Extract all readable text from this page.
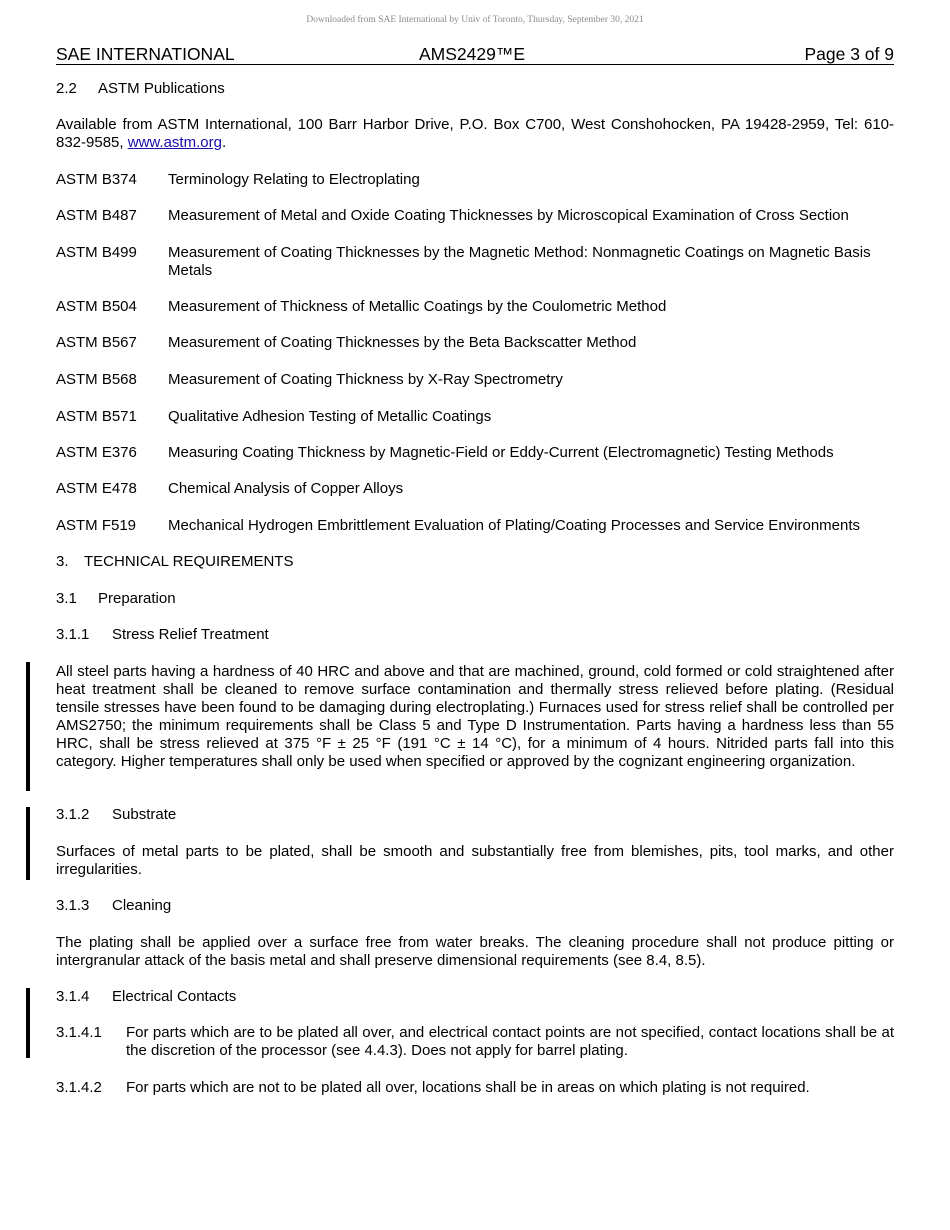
Downloaded from SAE International by Univ of Toronto, Thursday, September 30, 2021
SAE INTERNATIONAL	AMS2429™E	Page 3 of 9
2.2 ASTM Publications
Available from ASTM International, 100 Barr Harbor Drive, P.O. Box C700, West Conshohocken, PA 19428-2959, Tel: 610-832-9585, www.astm.org.
ASTM B374 Terminology Relating to Electroplating
ASTM B487 Measurement of Metal and Oxide Coating Thicknesses by Microscopical Examination of Cross Section
ASTM B499 Measurement of Coating Thicknesses by the Magnetic Method: Nonmagnetic Coatings on Magnetic Basis Metals
ASTM B504 Measurement of Thickness of Metallic Coatings by the Coulometric Method
ASTM B567 Measurement of Coating Thicknesses by the Beta Backscatter Method
ASTM B568 Measurement of Coating Thickness by X-Ray Spectrometry
ASTM B571 Qualitative Adhesion Testing of Metallic Coatings
ASTM E376 Measuring Coating Thickness by Magnetic-Field or Eddy-Current (Electromagnetic) Testing Methods
ASTM E478 Chemical Analysis of Copper Alloys
ASTM F519 Mechanical Hydrogen Embrittlement Evaluation of Plating/Coating Processes and Service Environments
3. TECHNICAL REQUIREMENTS
3.1 Preparation
3.1.1 Stress Relief Treatment
All steel parts having a hardness of 40 HRC and above and that are machined, ground, cold formed or cold straightened after heat treatment shall be cleaned to remove surface contamination and thermally stress relieved before plating. (Residual tensile stresses have been found to be damaging during electroplating.) Furnaces used for stress relief shall be controlled per AMS2750; the minimum requirements shall be Class 5 and Type D Instrumentation. Parts having a hardness less than 55 HRC, shall be stress relieved at 375 °F ± 25 °F (191 °C ± 14 °C), for a minimum of 4 hours. Nitrided parts fall into this category. Higher temperatures shall only be used when specified or approved by the cognizant engineering organization.
3.1.2 Substrate
Surfaces of metal parts to be plated, shall be smooth and substantially free from blemishes, pits, tool marks, and other irregularities.
3.1.3 Cleaning
The plating shall be applied over a surface free from water breaks. The cleaning procedure shall not produce pitting or intergranular attack of the basis metal and shall preserve dimensional requirements (see 8.4, 8.5).
3.1.4 Electrical Contacts
3.1.4.1 For parts which are to be plated all over, and electrical contact points are not specified, contact locations shall be at the discretion of the processor (see 4.4.3). Does not apply for barrel plating.
3.1.4.2 For parts which are not to be plated all over, locations shall be in areas on which plating is not required.
